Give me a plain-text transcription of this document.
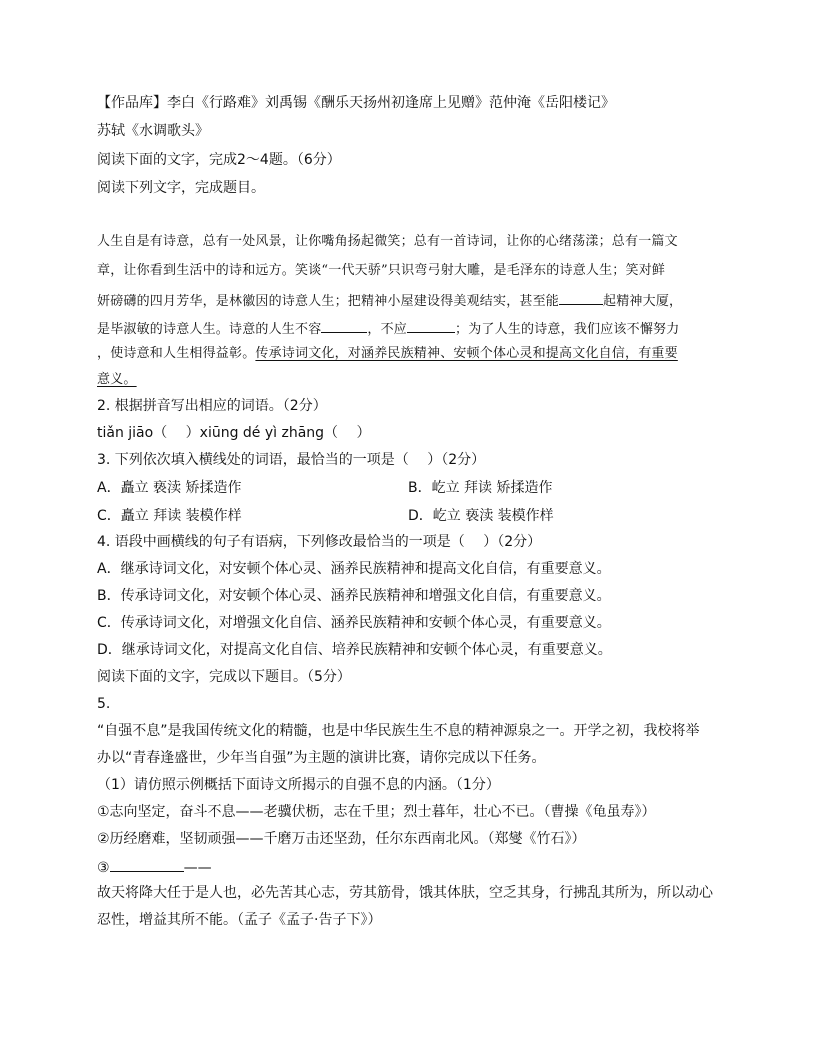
【作品库】李白《行路难》刘禹锡《酬乐天扬州初逢席上见赠》范仲淹《岳阳楼记》
苏轼《水调歌头》
阅读下面的文字，完成2～4题。（6分）
阅读下列文字，完成题目。
人生自是有诗意，总有一处风景，让你嘴角扬起微笑；总有一首诗词，让你的心绪荡漾；总有一篇文
章，让你看到生活中的诗和远方。笑谈“一代天骄”只识弯弓射大雕，是毛泽东的诗意人生；笑对鲜
妍磅礴的四月芳华，是林徽因的诗意人生；把精神小屋建设得美观结实，甚至能	起精神大厦，
是毕淑敏的诗意人生。诗意的人生不容	，不应	；为了人生的诗意，我们应该不懈努力
，使诗意和人生相得益彰。传承诗词文化，对涵养民族精神、安顿个体心灵和提高文化自信，有重要
意义。
2. 根据拼音写出相应的词语。（2分）
tiǎn jiāo（　 ）xiūng dé yì zhāng（　 ）
3. 下列依次填入横线处的词语，最恰当的一项是（　 ）（2分）
A．矗立 亵渎 矫揉造作	B．屹立 拜读 矫揉造作
C．矗立 拜读 装模作样	D．屹立 亵渎 装模作样
4. 语段中画横线的句子有语病，下列修改最恰当的一项是（　 ）（2分）
A．继承诗词文化，对安顿个体心灵、涵养民族精神和提高文化自信，有重要意义。
B．传承诗词文化，对安顿个体心灵、涵养民族精神和增强文化自信，有重要意义。
C．传承诗词文化，对增强文化自信、涵养民族精神和安顿个体心灵，有重要意义。
D．继承诗词文化，对提高文化自信、培养民族精神和安顿个体心灵，有重要意义。
阅读下面的文字，完成以下题目。（5分）
5.
“自强不息”是我国传统文化的精髓，也是中华民族生生不息的精神源泉之一。开学之初，我校将举
办以“青春逢盛世，少年当自强”为主题的演讲比赛，请你完成以下任务。
（1）请仿照示例概括下面诗文所揭示的自强不息的内涵。（1分）
①志向坚定，奋斗不息——老骥伏枥，志在千里；烈士暮年，壮心不已。（曹操《龟虽寿》）
②历经磨难，坚韧顽强——千磨万击还坚劲，任尔东西南北风。（郑燮《竹石》）
③	——
故天将降大任于是人也，必先苦其心志，劳其筋骨，饿其体肤，空乏其身，行拂乱其所为，所以动心
忍性，增益其所不能。（孟子《孟子·告子下》）
